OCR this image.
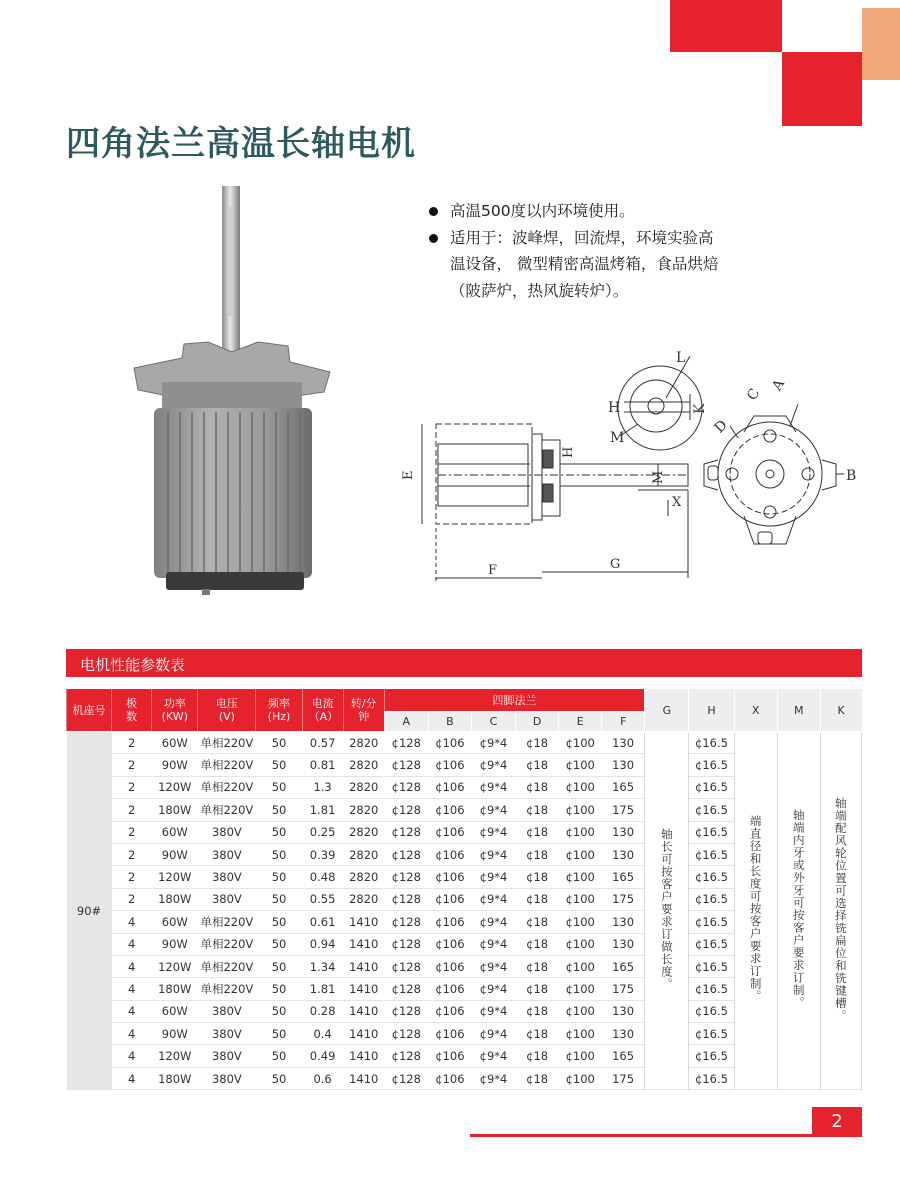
四角法兰高温长轴电机
高温500度以内环境使用。
适用于：波峰焊，回流焊，环境实验高温设备， 微型精密高温烤箱，食品烘焙（陂萨炉，热风旋转炉）。
E
F	G
H
M
X
L
H	K
M
C
A
D
B
电机性能参数表
机座号	极数	功率(KW)	电压(V)	频率(Hz)	电流（A）	转/分钟	四脚法兰						G	H	X	M	K
							A	B	C	D	E	F					
90#	2	60W	单相220V	50	0.57	2820	¢128	¢106	¢9*4	¢18	¢100	130	轴长可按客户要求订做长度。	¢16.5	端直径和长度可按客户要求订制。	轴端内牙或外牙可按客户要求订制。	轴端配风轮位置可选择铣扁位和铣键槽。
	2	90W	单相220V	50	0.81	2820	¢128	¢106	¢9*4	¢18	¢100	130		¢16.5			
	2	120W	单相220V	50	1.3	2820	¢128	¢106	¢9*4	¢18	¢100	165		¢16.5			
	2	180W	单相220V	50	1.81	2820	¢128	¢106	¢9*4	¢18	¢100	175		¢16.5			
	2	60W	380V	50	0.25	2820	¢128	¢106	¢9*4	¢18	¢100	130		¢16.5			
	2	90W	380V	50	0.39	2820	¢128	¢106	¢9*4	¢18	¢100	130		¢16.5			
	2	120W	380V	50	0.48	2820	¢128	¢106	¢9*4	¢18	¢100	165		¢16.5			
	2	180W	380V	50	0.55	2820	¢128	¢106	¢9*4	¢18	¢100	175		¢16.5			
	4	60W	单相220V	50	0.61	1410	¢128	¢106	¢9*4	¢18	¢100	130		¢16.5			
	4	90W	单相220V	50	0.94	1410	¢128	¢106	¢9*4	¢18	¢100	130		¢16.5			
	4	120W	单相220V	50	1.34	1410	¢128	¢106	¢9*4	¢18	¢100	165		¢16.5			
	4	180W	单相220V	50	1.81	1410	¢128	¢106	¢9*4	¢18	¢100	175		¢16.5			
	4	60W	380V	50	0.28	1410	¢128	¢106	¢9*4	¢18	¢100	130		¢16.5			
	4	90W	380V	50	0.4	1410	¢128	¢106	¢9*4	¢18	¢100	130		¢16.5			
	4	120W	380V	50	0.49	1410	¢128	¢106	¢9*4	¢18	¢100	165		¢16.5			
	4	180W	380V	50	0.6	1410	¢128	¢106	¢9*4	¢18	¢100	175		¢16.5			
2
